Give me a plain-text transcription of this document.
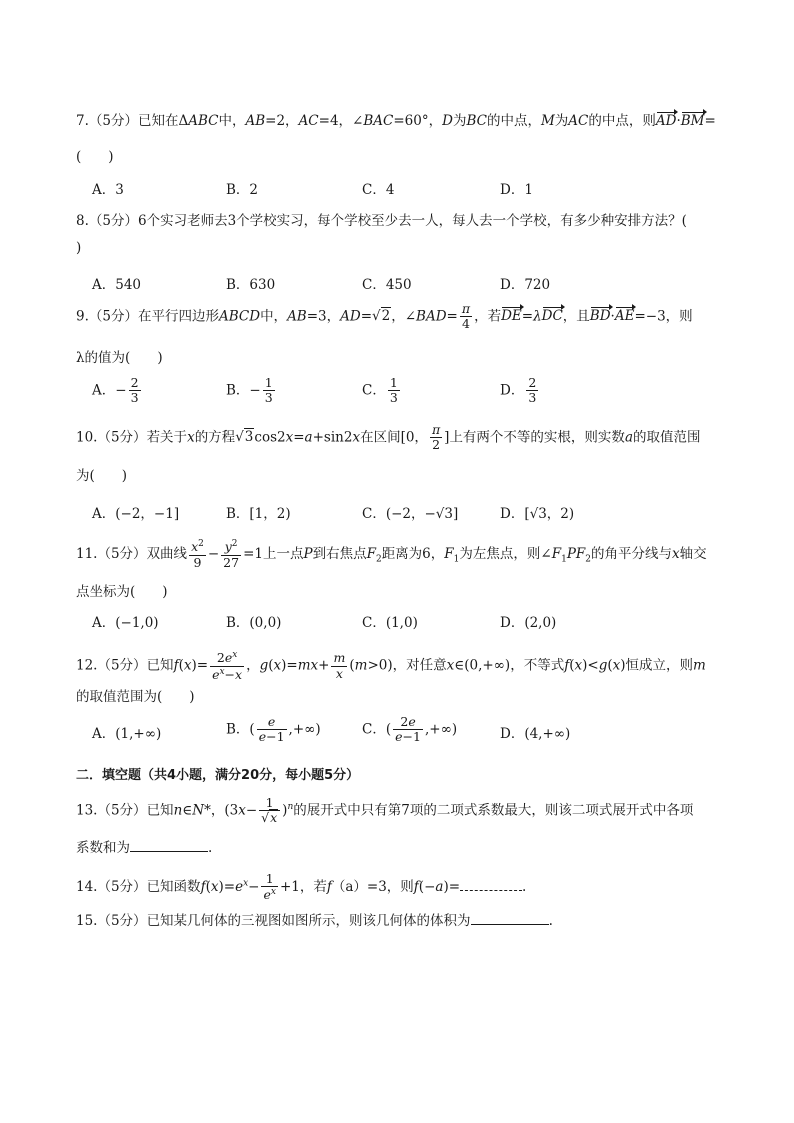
7.（5分）已知在ΔABC中，AB=2，AC=4，∠BAC=60°，D为BC的中点，M为AC的中点，则AD·BM=
(　　)
A．3	B．2	C．4	D．1
8.（5分）6个实习老师去3个学校实习，每个学校至少去一人，每人去一个学校，有多少种安排方法？(
)
A．540	B．630	C．450	D．720
9.（5分）在平行四边形ABCD中，AB=3，AD=√2，∠BAD= $\frac{\pi}{4}$ ，若DE=λDC，且BD·AE=−3，则
λ的值为(　　)
A．− $\frac{2}{3}$	B．− $\frac{1}{3}$	C． $\frac{1}{3}$	D． $\frac{2}{3}$
10.（5分）若关于x的方程√3cos2x=a+sin2x在区间[0， $\frac{\pi}{2}$ ]上有两个不等的实根，则实数a的取值范围
为(　　)
A．(−2，−1]	B．[1，2)	C．(−2，−√3]	D．[√3，2)
11.（5分）双曲线 $\frac{x^2}{9} - \frac{y^2}{27} =1$上一点P到右焦点$F_2$距离为6，$F_1$为左焦点，则$\angle F_1PF_2$的角平分线与x轴交
点坐标为(　　)
A．(−1,0)	B．(0,0)	C．(1,0)	D．(2,0)
12.（5分）已知$f(x)= \frac{2e^x}{e^x-x}$ ，$g(x)=mx+ \frac{m}{x} (m>0)$，对任意x∈(0,+∞)，不等式f(x)<g(x)恒成立，则m
的取值范围为(　　)
A．(1,+∞)	B．( $\frac{e}{e-1}$ ,+∞)	C．( $\frac{2e}{e-1}$ ,+∞)	D．(4,+∞)
二．填空题（共4小题，满分20分，每小题5分）
13.（5分）已知n∈N*，$(3x- \frac{1}{√x} )^n$的展开式中只有第7项的二项式系数最大，则该二项式展开式中各项
系数和为	.
14.（5分）已知函数$f(x)=e^x- \frac{1}{e^x} +1$，若f（a）=3，则f(−a)=	.
15.（5分）已知某几何体的三视图如图所示，则该几何体的体积为	.
